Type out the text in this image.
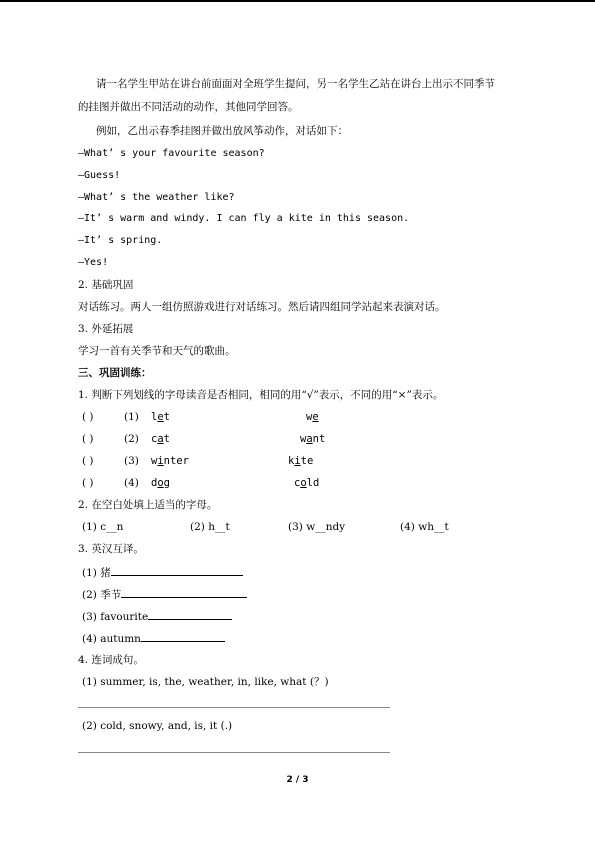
请一名学生甲站在讲台前面面对全班学生提问，另一名学生乙站在讲台上出示不同季节
的挂图并做出不同活动的动作，其他同学回答。
例如，乙出示春季挂图并做出放风筝动作，对话如下：
—What’ s your favourite season?
—Guess!
—What’ s the weather like?
—It’ s warm and windy. I can fly a kite in this season.
—It’ s spring.
—Yes!
2. 基础巩固
对话练习。两人一组仿照游戏进行对话练习。然后请四组同学站起来表演对话。
3. 外延拓展
学习一首有关季节和天气的歌曲。
三、巩固训练：
1. 判断下列划线的字母读音是否相同，相同的用“√”表示，不同的用“×”表示。
( )	(1) let	we
( )	(2) cat	want
( )	(3) winter	kite
( )	(4) dog	cold
2. 在空白处填上适当的字母。
(1) c__n	(2) h__t	(3) w__ndy	(4) wh__t
3. 英汉互译。
(1) 猪
(2) 季节
(3) favourite
(4) autumn
4. 连词成句。
(1) summer, is, the, weather, in, like, what (？)
(2) cold, snowy, and, is, it (.)
2 / 3
